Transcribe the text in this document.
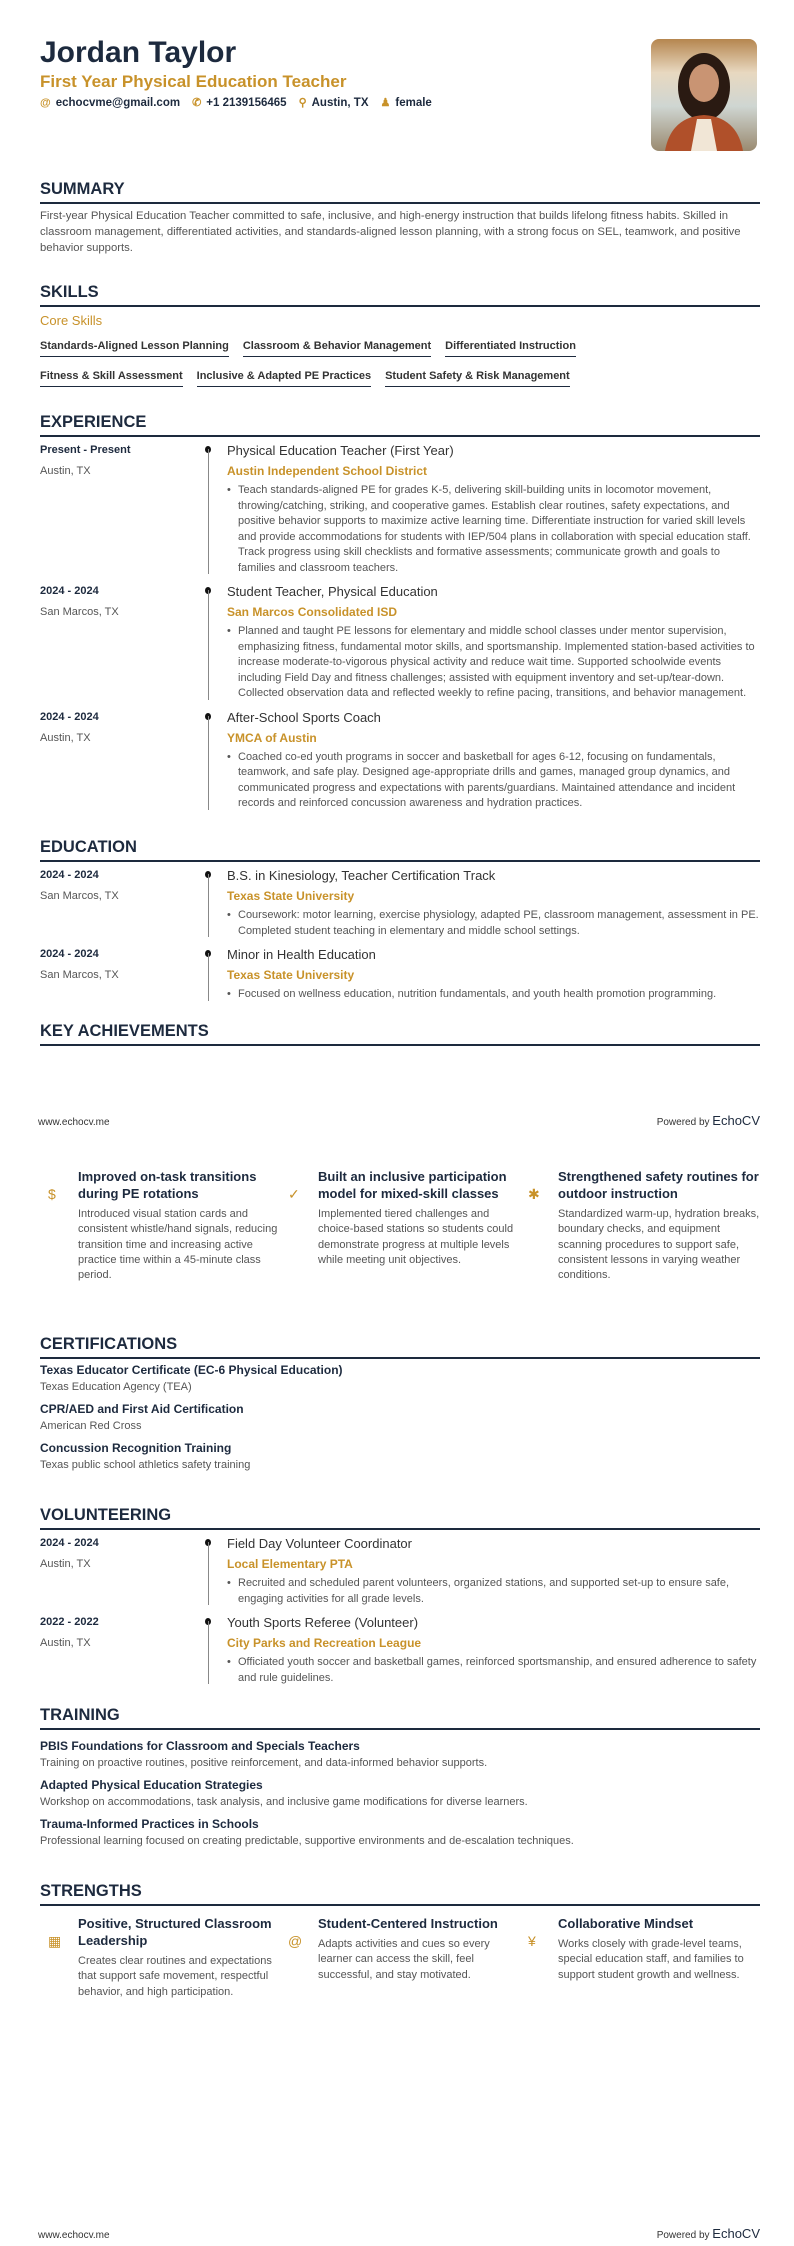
Jordan Taylor
First Year Physical Education Teacher
@ echocvme@gmail.com ✆ +1 2139156465 ⚲ Austin, TX ♟ female
SUMMARY
First-year Physical Education Teacher committed to safe, inclusive, and high-energy instruction that builds lifelong fitness habits. Skilled in classroom management, differentiated activities, and standards-aligned lesson planning, with a strong focus on SEL, teamwork, and positive behavior supports.
SKILLS
Core Skills
Standards-Aligned Lesson Planning Classroom & Behavior Management Differentiated Instruction
Fitness & Skill Assessment Inclusive & Adapted PE Practices Student Safety & Risk Management
EXPERIENCE
Present - Present
Austin, TX
Physical Education Teacher (First Year)
Austin Independent School District
• Teach standards-aligned PE for grades K-5, delivering skill-building units in locomotor movement, throwing/catching, striking, and cooperative games. Establish clear routines, safety expectations, and positive behavior supports to maximize active learning time. Differentiate instruction for varied skill levels and provide accommodations for students with IEP/504 plans in collaboration with special education staff. Track progress using skill checklists and formative assessments; communicate growth and goals to families and classroom teachers.
2024 - 2024
San Marcos, TX
Student Teacher, Physical Education
San Marcos Consolidated ISD
• Planned and taught PE lessons for elementary and middle school classes under mentor supervision, emphasizing fitness, fundamental motor skills, and sportsmanship. Implemented station-based activities to increase moderate-to-vigorous physical activity and reduce wait time. Supported schoolwide events including Field Day and fitness challenges; assisted with equipment inventory and set-up/tear-down. Collected observation data and reflected weekly to refine pacing, transitions, and behavior management.
2024 - 2024
Austin, TX
After-School Sports Coach
YMCA of Austin
• Coached co-ed youth programs in soccer and basketball for ages 6-12, focusing on fundamentals, teamwork, and safe play. Designed age-appropriate drills and games, managed group dynamics, and communicated progress and expectations with parents/guardians. Maintained attendance and incident records and reinforced concussion awareness and hydration practices.
EDUCATION
2024 - 2024
San Marcos, TX
B.S. in Kinesiology, Teacher Certification Track
Texas State University
• Coursework: motor learning, exercise physiology, adapted PE, classroom management, assessment in PE. Completed student teaching in elementary and middle school settings.
2024 - 2024
San Marcos, TX
Minor in Health Education
Texas State University
• Focused on wellness education, nutrition fundamentals, and youth health promotion programming.
KEY ACHIEVEMENTS
www.echocv.me	Powered by EchoCV
$
Improved on-task transitions during PE rotations
Introduced visual station cards and consistent whistle/hand signals, reducing transition time and increasing active practice time within a 45-minute class period.
✓
Built an inclusive participation model for mixed-skill classes
Implemented tiered challenges and choice-based stations so students could demonstrate progress at multiple levels while meeting unit objectives.
✱
Strengthened safety routines for outdoor instruction
Standardized warm-up, hydration breaks, boundary checks, and equipment scanning procedures to support safe, consistent lessons in varying weather conditions.
CERTIFICATIONS
Texas Educator Certificate (EC-6 Physical Education)
Texas Education Agency (TEA)
CPR/AED and First Aid Certification
American Red Cross
Concussion Recognition Training
Texas public school athletics safety training
VOLUNTEERING
2024 - 2024
Austin, TX
Field Day Volunteer Coordinator
Local Elementary PTA
• Recruited and scheduled parent volunteers, organized stations, and supported set-up to ensure safe, engaging activities for all grade levels.
2022 - 2022
Austin, TX
Youth Sports Referee (Volunteer)
City Parks and Recreation League
• Officiated youth soccer and basketball games, reinforced sportsmanship, and ensured adherence to safety and rule guidelines.
TRAINING
PBIS Foundations for Classroom and Specials Teachers
Training on proactive routines, positive reinforcement, and data-informed behavior supports.
Adapted Physical Education Strategies
Workshop on accommodations, task analysis, and inclusive game modifications for diverse learners.
Trauma-Informed Practices in Schools
Professional learning focused on creating predictable, supportive environments and de-escalation techniques.
STRENGTHS
▦
Positive, Structured Classroom Leadership
Creates clear routines and expectations that support safe movement, respectful behavior, and high participation.
@
Student-Centered Instruction
Adapts activities and cues so every learner can access the skill, feel successful, and stay motivated.
¥
Collaborative Mindset
Works closely with grade-level teams, special education staff, and families to support student growth and wellness.
www.echocv.me	Powered by EchoCV
